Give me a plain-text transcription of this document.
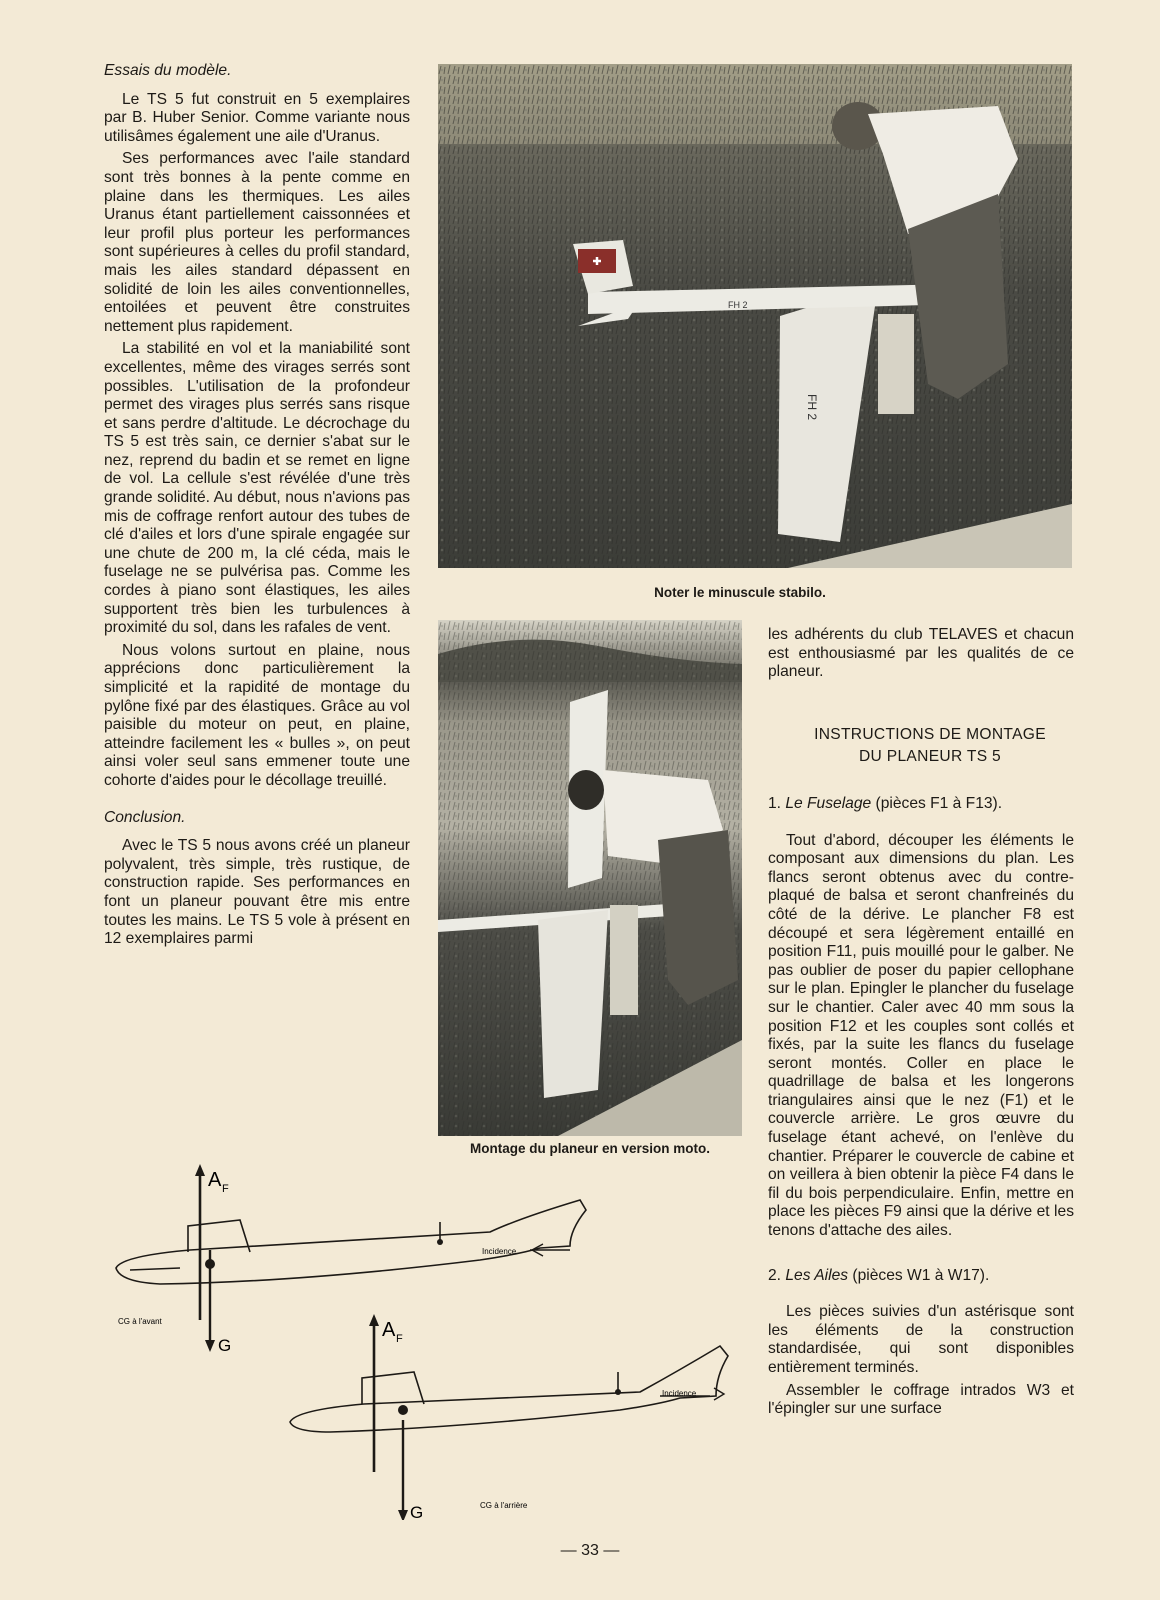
Essais du modèle.

Le TS 5 fut construit en 5 exemplaires par B. Huber Senior. Comme variante nous utilisâmes également une aile d'Uranus.

Ses performances avec l'aile standard sont très bonnes à la pente comme en plaine dans les thermiques. Les ailes Uranus étant partiellement caissonnées et leur profil plus porteur les performances sont supérieures à celles du profil standard, mais les ailes standard dépassent en solidité de loin les ailes conventionnelles, entoilées et peuvent être construites nettement plus rapidement.

La stabilité en vol et la maniabilité sont excellentes, même des virages serrés sont possibles. L'utilisation de la profondeur permet des virages plus serrés sans risque et sans perdre d'altitude. Le décrochage du TS 5 est très sain, ce dernier s'abat sur le nez, reprend du badin et se remet en ligne de vol. La cellule s'est révélée d'une très grande solidité. Au début, nous n'avions pas mis de coffrage renfort autour des tubes de clé d'ailes et lors d'une spirale engagée sur une chute de 200 m, la clé céda, mais le fuselage ne se pulvérisa pas. Comme les cordes à piano sont élastiques, les ailes supportent très bien les turbulences à proximité du sol, dans les rafales de vent.

Nous volons surtout en plaine, nous apprécions donc particulièrement la simplicité et la rapidité de montage du pylône fixé par des élastiques. Grâce au vol paisible du moteur on peut, en plaine, atteindre facilement les « bulles », on peut ainsi voler seul sans emmener toute une cohorte d'aides pour le décollage treuillé.

Conclusion.

Avec le TS 5 nous avons créé un planeur polyvalent, très simple, très rustique, de construction rapide. Ses performances en font un planeur pouvant être mis entre toutes les mains. Le TS 5 vole à présent en 12 exemplaires parmi

FH 2
FH 2
Noter le minuscule stabilo.
Montage du planeur en version moto.

les adhérents du club TELAVES et chacun est enthousiasmé par les qualités de ce planeur.

INSTRUCTIONS DE MONTAGE

DU PLANEUR TS 5

1. Le Fuselage (pièces F1 à F13).

Tout d'abord, découper les éléments le composant aux dimensions du plan. Les flancs seront obtenus avec du contre-plaqué de balsa et seront chanfreinés du côté de la dérive. Le plancher F8 est découpé et sera légèrement entaillé en position F11, puis mouillé pour le galber. Ne pas oublier de poser du papier cellophane sur le plan. Epingler le plancher du fuselage sur le chantier. Caler avec 40 mm sous la position F12 et les couples sont collés et fixés, par la suite les flancs du fuselage seront montés. Coller en place le quadrillage de balsa et les longerons triangulaires ainsi que le nez (F1) et le couvercle arrière. Le gros œuvre du fuselage étant achevé, on l'enlève du chantier. Préparer le couvercle de cabine et on veillera à bien obtenir la pièce F4 dans le fil du bois perpendiculaire. Enfin, mettre en place les pièces F9 ainsi que la dérive et les tenons d'attache des ailes.

2. Les Ailes (pièces W1 à W17).

Les pièces suivies d'un astérisque sont les éléments de la construction standardisée, qui sont disponibles entièrement terminés.

Assembler le coffrage intrados W3 et l'épingler sur une surface

A F
G
Incidence
CG à l'avant	A F
G
Incidence
CG à l'arrière
— 33 —
